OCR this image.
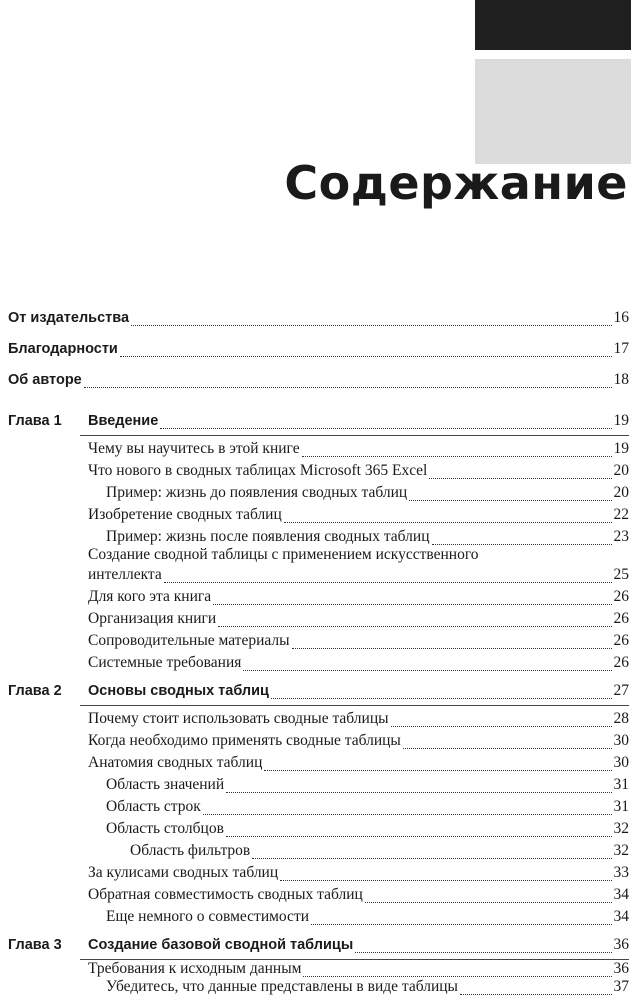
Содержание
От издательства	16
Благодарности	17
Об авторе	18
Глава 1	Введение	19
Чему вы научитесь в этой книге	19
Что нового в сводных таблицах Microsoft 365 Excel	20
Пример: жизнь до появления сводных таблиц	20
Изобретение сводных таблиц	22
Пример: жизнь после появления сводных таблиц	23
Создание сводной таблицы с применением искусственного
интеллекта	25
Для кого эта книга	26
Организация книги	26
Сопроводительные материалы	26
Системные требования	26
Глава 2	Основы сводных таблиц	27
Почему стоит использовать сводные таблицы	28
Когда необходимо применять сводные таблицы	30
Анатомия сводных таблиц	30
Область значений	31
Область строк	31
Область столбцов	32
Область фильтров	32
За кулисами сводных таблиц	33
Обратная совместимость сводных таблиц	34
Еще немного о совместимости	34
Глава 3	Создание базовой сводной таблицы	36
Требования к исходным данным	36
Убедитесь, что данные представлены в виде таблицы	37
